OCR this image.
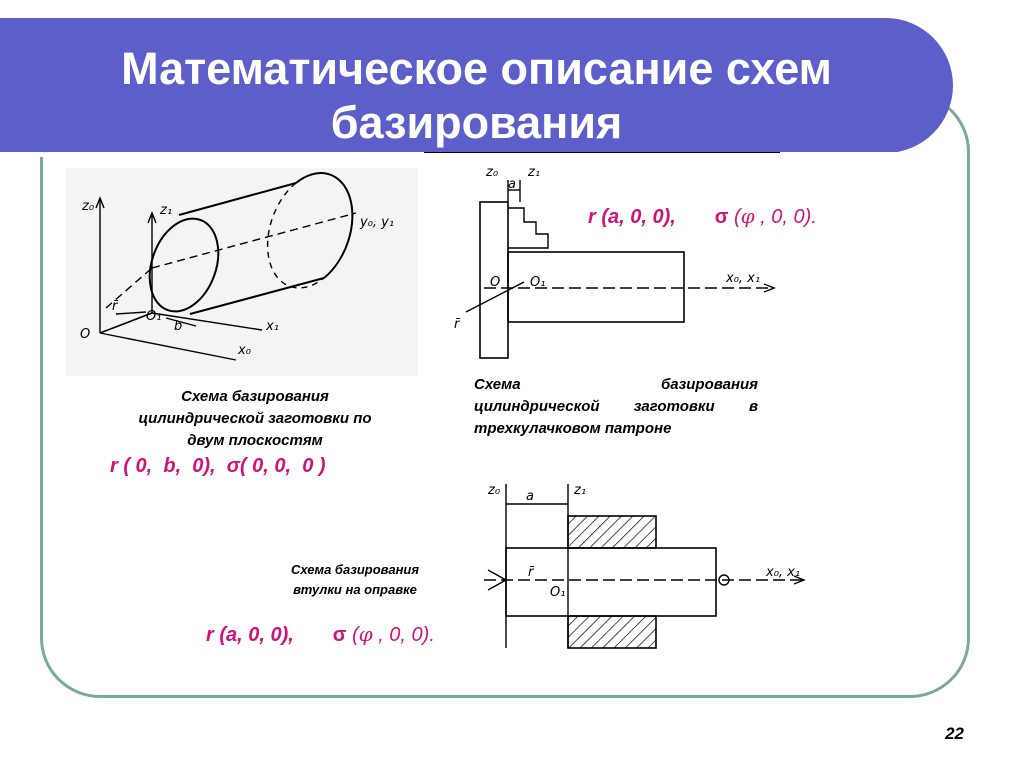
Математическое описание схем
базирования
z₀	z₁
y₀, y₁
x₁
x₀
r̄
O₁
O
b
Схема базирования
цилиндрической заготовки по
двум плоскостям
r ( 0,  b,  0),  σ( 0, 0,  0 )
z₀ z₁
a
O O₁	x₀, x₁
r̄
r (a, 0, 0), σ (φ , 0, 0).
Схема	базирования
цилиндрической заготовки в
трехкулачковом патроне
z₀	z₁
a
r̄
O₁
x₀, x₁
Схема базирования
втулки на оправке
r (a, 0, 0), σ (φ , 0, 0).
22
